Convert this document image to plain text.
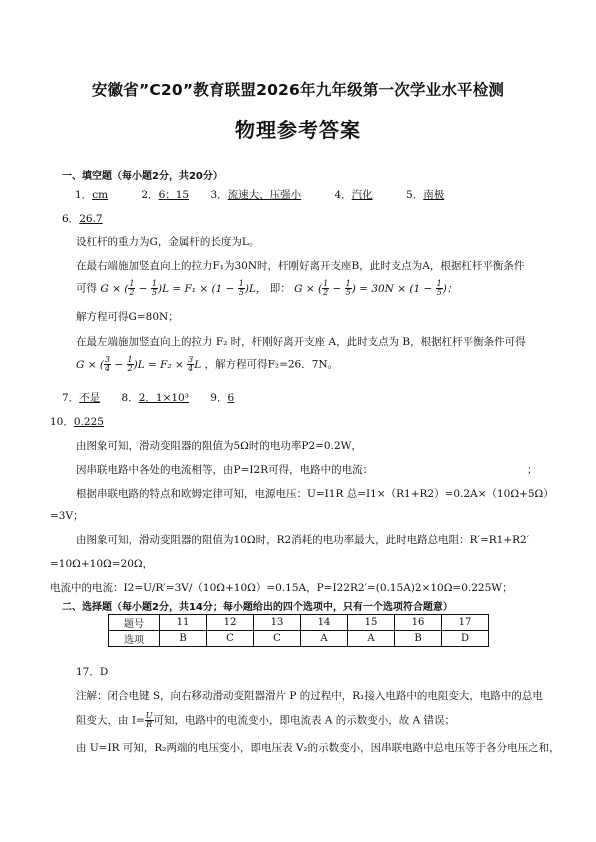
安徽省”C20”教育联盟2026年九年级第一次学业水平检测
物理参考答案
一、填空题（每小题2分，共20分）
1．cm	2．6：15 3．流速大、压强小	4．汽化	5．南极
6．26.7
设杠杆的重力为G，金属杆的长度为L。
在最右端施加竖直向上的拉力F₁为30N时，杆刚好离开支座B，此时支点为A，根据杠杆平衡条件
可得 G × ( $\frac{1}{2} - \frac{1}{5} )L = F_1 \times (1 - \frac{1}{5} )L$， 即： G × ( $\frac{1}{2} - \frac{1}{5}$ ) = $30N \times (1 - \frac{1}{5}$ )；
解方程可得G=80N；
在最左端施加竖直向上的拉力 F₂ 时，杆刚好离开支座 A，此时支点为 B，根据杠杆平衡条件可得
G × ( $\frac{3}{4} - \frac{1}{2} )L = F_2 \times \frac{3}{4}$ L ，解方程可得F₂=26．7N。
7．不是 8．2．1×10³ 9．6
10．0.225
由图象可知，滑动变阻器的阻值为5Ω时的电功率P2=0.2W，
因串联电路中各处的电流相等，由P=I2R可得，电路中的电流：	；
根据串联电路的特点和欧姆定律可知，电源电压：U=I1R 总=I1×（R1+R2）=0.2A×（10Ω+5Ω）
=3V；
由图象可知，滑动变阻器的阻值为10Ω时，R2消耗的电功率最大，此时电路总电阻：R′=R1+R2′
=10Ω+10Ω=20Ω，
电流中的电流：I2=U/R′=3V/（10Ω+10Ω）=0.15A，P=I22R2′=(0.15A)2×10Ω=0.225W；
二、选择题（每小题2分，共14分；每小题给出的四个选项中，只有一个选项符合题意）
题号	11	12	13	14	15	16	17
选项	B	C	C	A	A	B	D
17．D
注解：闭合电键 S，向右移动滑动变阻器滑片 P 的过程中，R₁接入电路中的电阻变大，电路中的总电
阻变大，由 $I= \frac{U}{R}$ 可知，电路中的电流变小，即电流表 A 的示数变小，故 A 错误；
由 U=IR 可知，R₂两端的电压变小，即电压表 V₂的示数变小，因串联电路中总电压等于各分电压之和，
